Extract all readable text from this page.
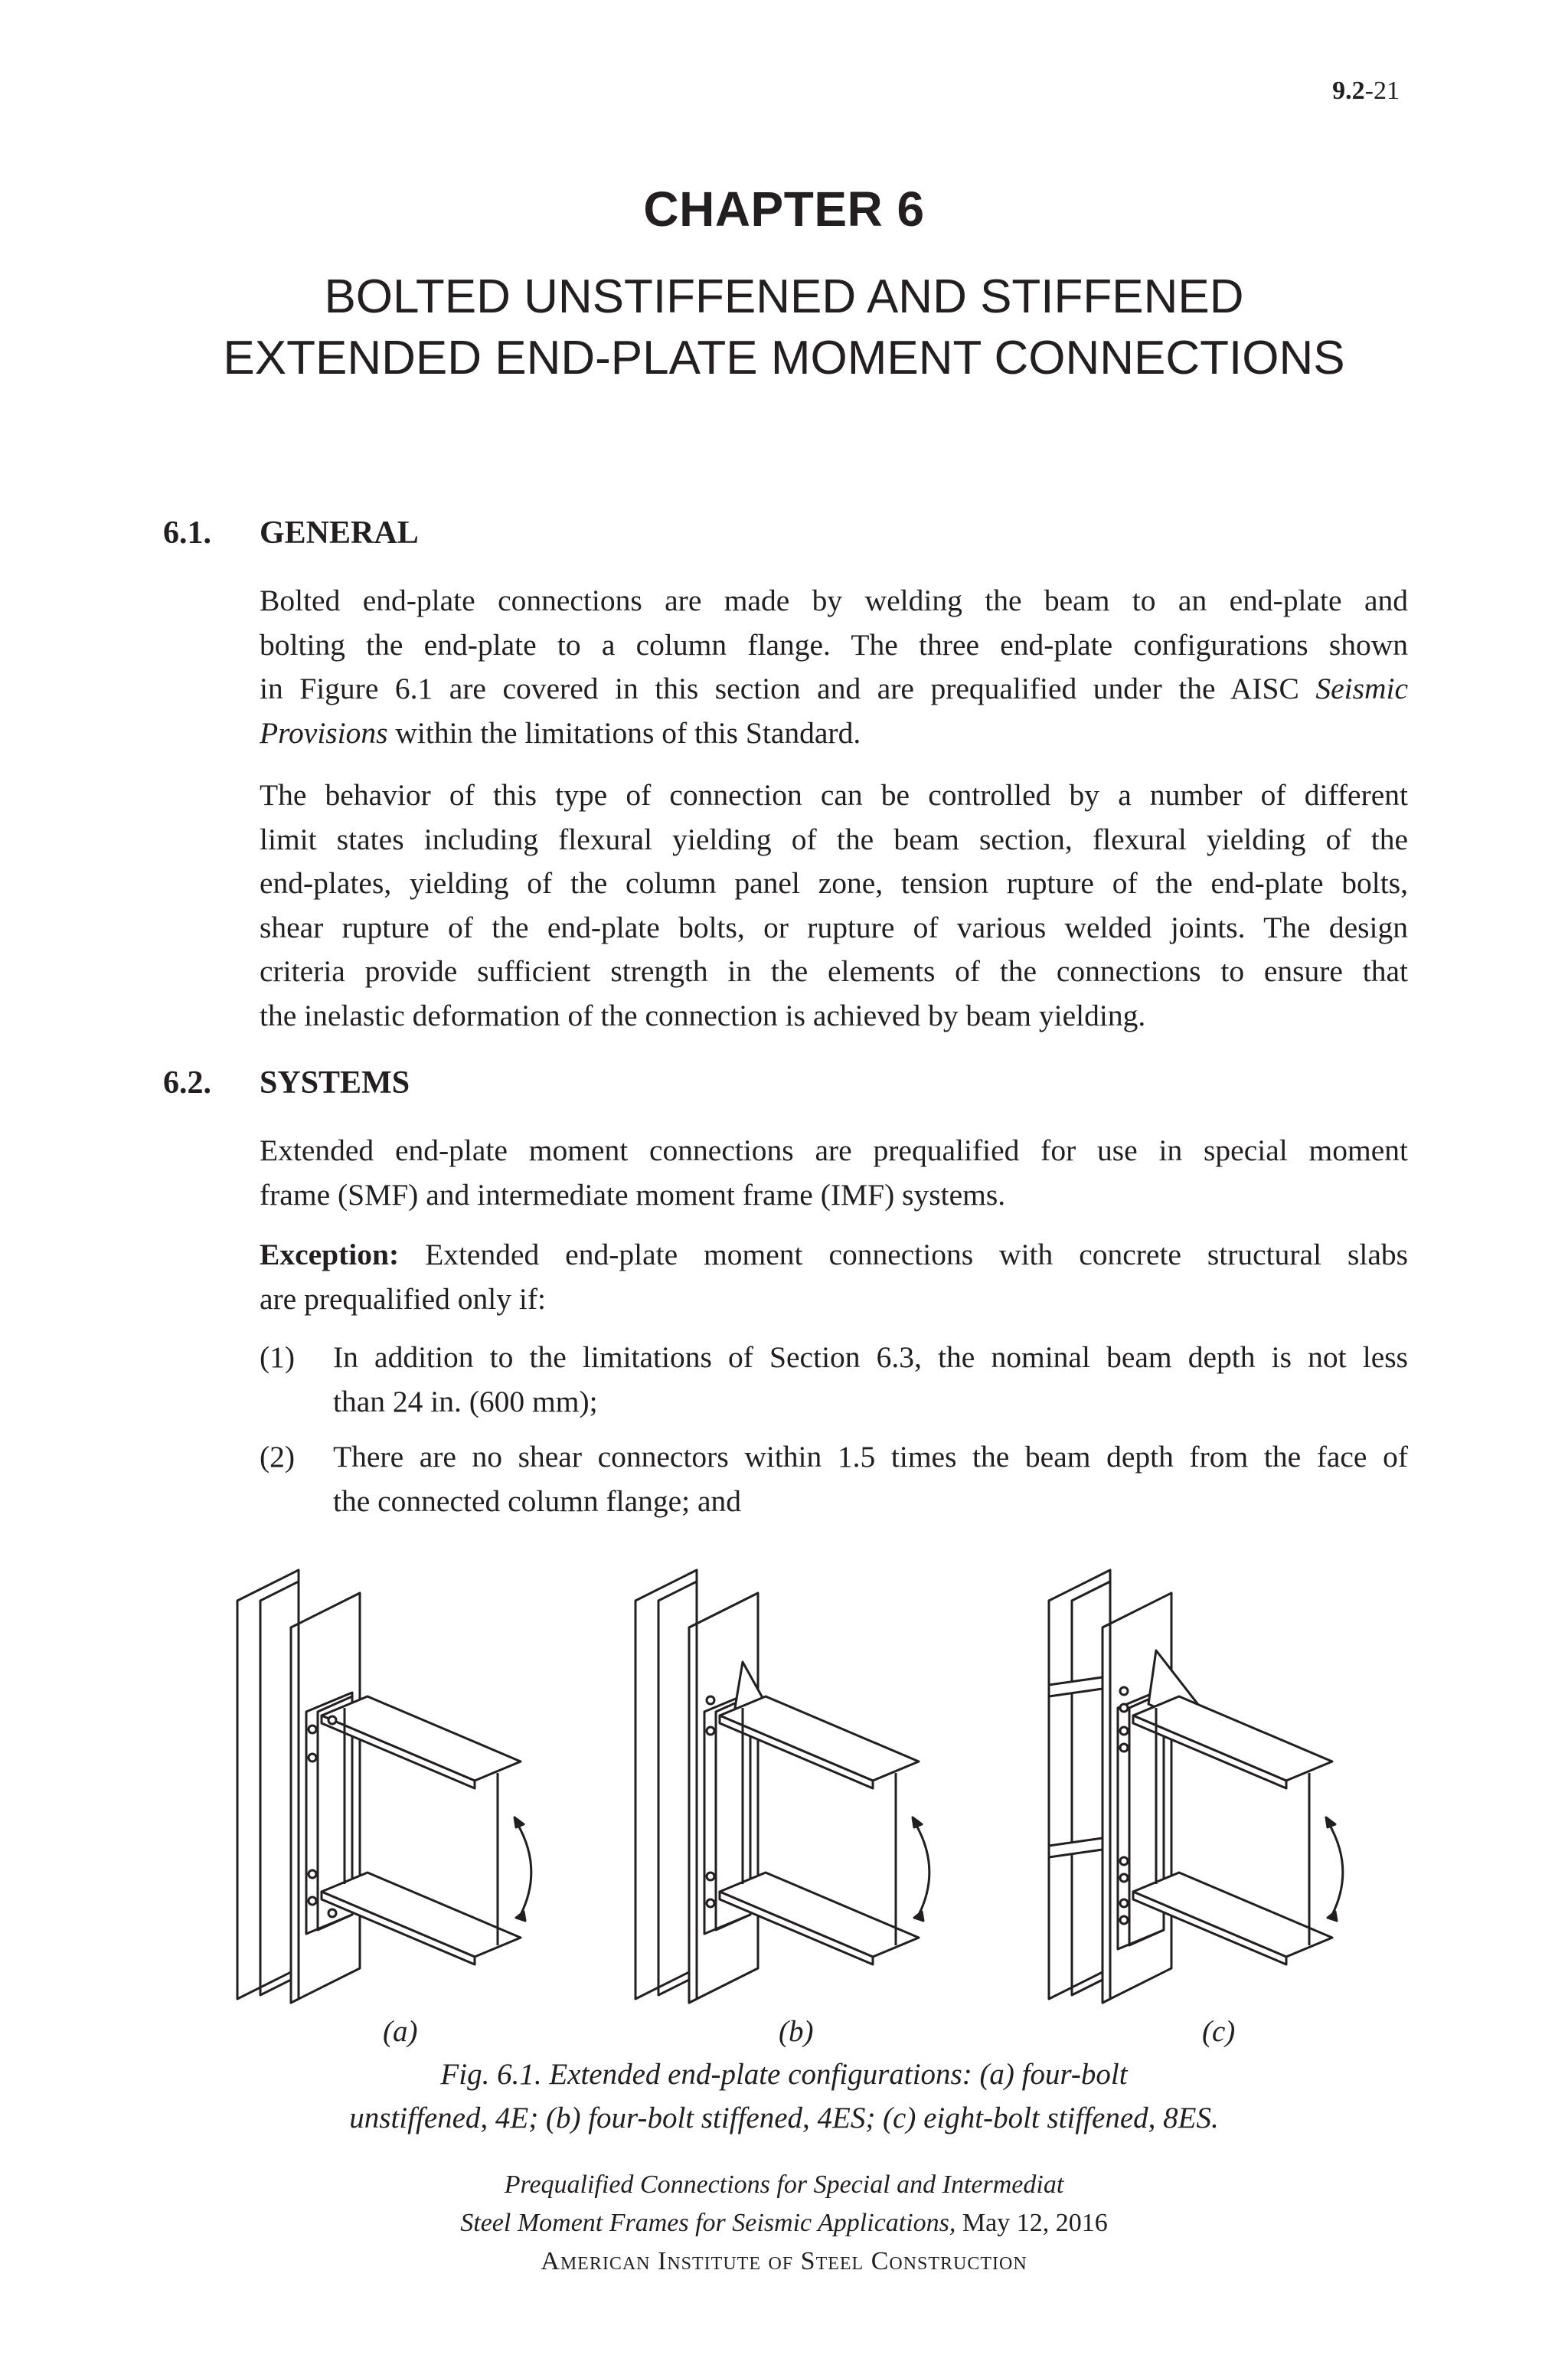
9.2-21
CHAPTER 6
BOLTED UNSTIFFENED AND STIFFENED
EXTENDED END-PLATE MOMENT CONNECTIONS
6.1. GENERAL
Bolted end-plate connections are made by welding the beam to an end-plate and
bolting the end-plate to a column flange. The three end-plate configurations shown
in Figure 6.1 are covered in this section and are prequalified under the AISC Seismic
Provisions within the limitations of this Standard.
The behavior of this type of connection can be controlled by a number of different
limit states including flexural yielding of the beam section, flexural yielding of the
end-plates, yielding of the column panel zone, tension rupture of the end-plate bolts,
shear rupture of the end-plate bolts, or rupture of various welded joints. The design
criteria provide sufficient strength in the elements of the connections to ensure that
the inelastic deformation of the connection is achieved by beam yielding.
6.2. SYSTEMS
Extended end-plate moment connections are prequalified for use in special moment
frame (SMF) and intermediate moment frame (IMF) systems.
Exception: Extended end-plate moment connections with concrete structural slabs
are prequalified only if:
(1) In addition to the limitations of Section 6.3, the nominal beam depth is not less
than 24 in. (600 mm);
(2) There are no shear connectors within 1.5 times the beam depth from the face of
the connected column flange; and
(a)	(b)	(c)
Fig. 6.1. Extended end-plate configurations: (a) four-bolt
unstiffened, 4E; (b) four-bolt stiffened, 4ES; (c) eight-bolt stiffened, 8ES.
Prequalified Connections for Special and Intermediat
Steel Moment Frames for Seismic Applications, May 12, 2016
American Institute of Steel Construction
